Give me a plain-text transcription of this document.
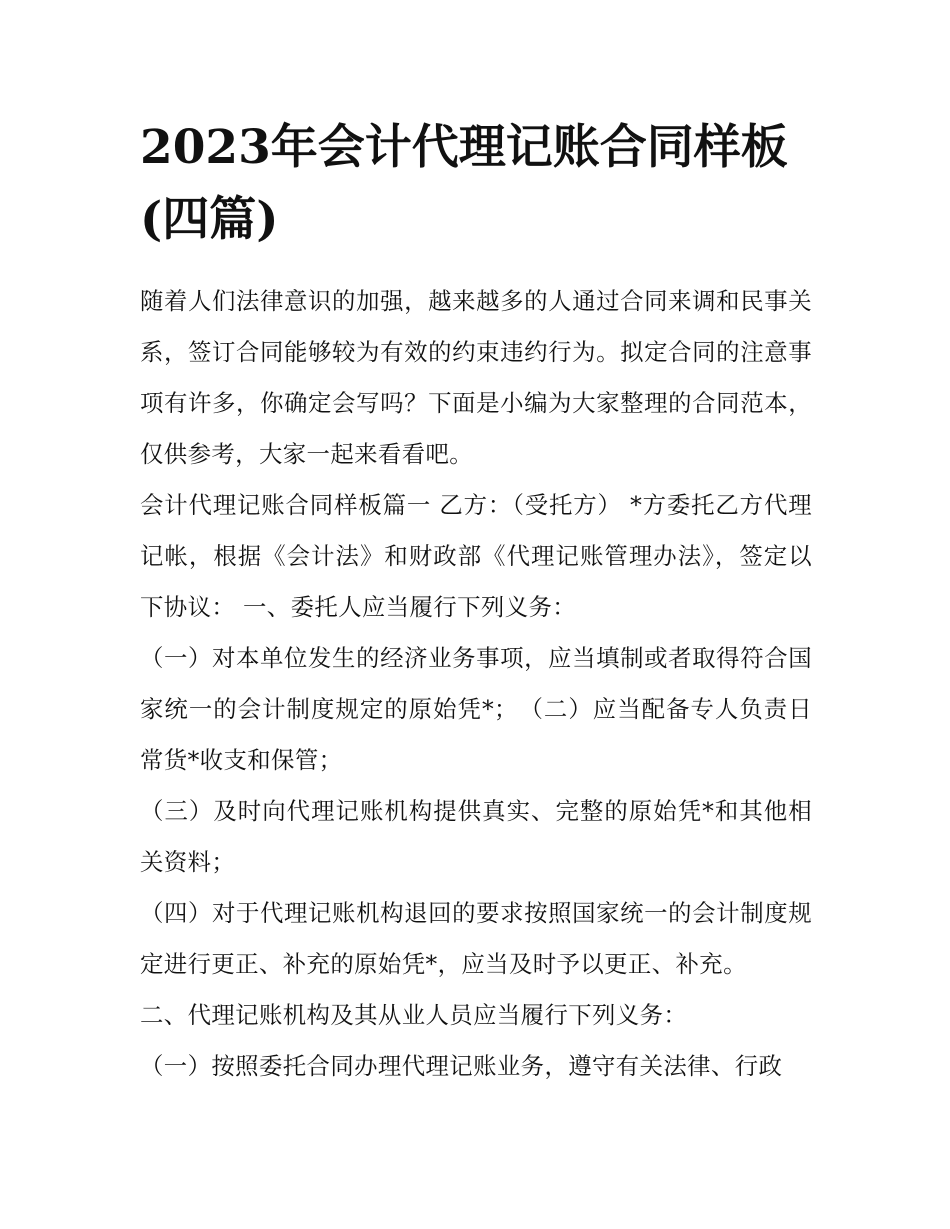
2023年会计代理记账合同样板(四篇)

随着人们法律意识的加强，越来越多的人通过合同来调和民事关系，签订合同能够较为有效的约束违约行为。拟定合同的注意事项有许多，你确定会写吗？下面是小编为大家整理的合同范本，仅供参考，大家一起来看看吧。

会计代理记账合同样板篇一 乙方：（受托方） *方委托乙方代理记帐，根据《会计法》和财政部《代理记账管理办法》，签定以下协议： 一、委托人应当履行下列义务：

（一）对本单位发生的经济业务事项，应当填制或者取得符合国家统一的会计制度规定的原始凭*；　（二）应当配备专人负责日常货*收支和保管；

（三）及时向代理记账机构提供真实、完整的原始凭*和其他相关资料；

（四）对于代理记账机构退回的要求按照国家统一的会计制度规定进行更正、补充的原始凭*，应当及时予以更正、补充。

二、代理记账机构及其从业人员应当履行下列义务：

（一）按照委托合同办理代理记账业务，遵守有关法律、行政
